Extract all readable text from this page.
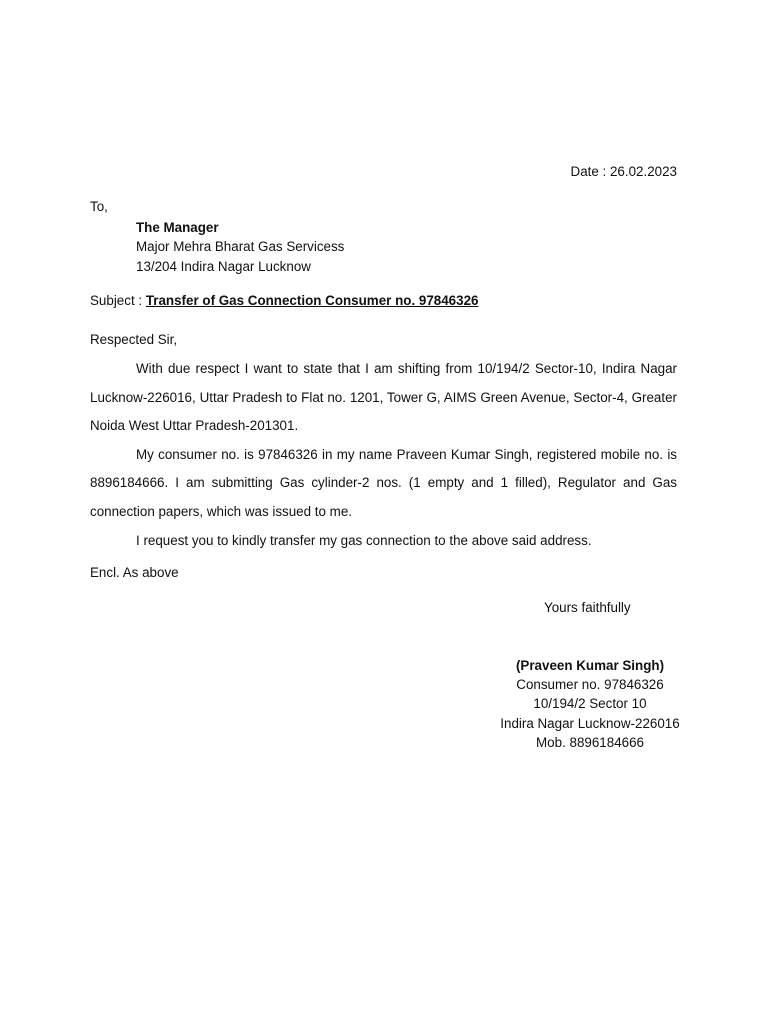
Date : 26.02.2023
To,
The Manager
Major Mehra Bharat Gas Servicess
13/204 Indira Nagar Lucknow
Subject : Transfer of Gas Connection Consumer no. 97846326
Respected Sir,

With due respect I want to state that I am shifting from 10/194/2 Sector-10, Indira Nagar Lucknow-226016, Uttar Pradesh to Flat no. 1201, Tower G, AIMS Green Avenue, Sector-4, Greater Noida West Uttar Pradesh-201301.

My consumer no. is 97846326 in my name Praveen Kumar Singh, registered mobile no. is 8896184666. I am submitting Gas cylinder-2 nos. (1 empty and 1 filled), Regulator and Gas connection papers, which was issued to me.

I request you to kindly transfer my gas connection to the above said address.

Encl. As above
Yours faithfully
(Praveen Kumar Singh)
Consumer no. 97846326
10/194/2 Sector 10
Indira Nagar Lucknow-226016
Mob. 8896184666
